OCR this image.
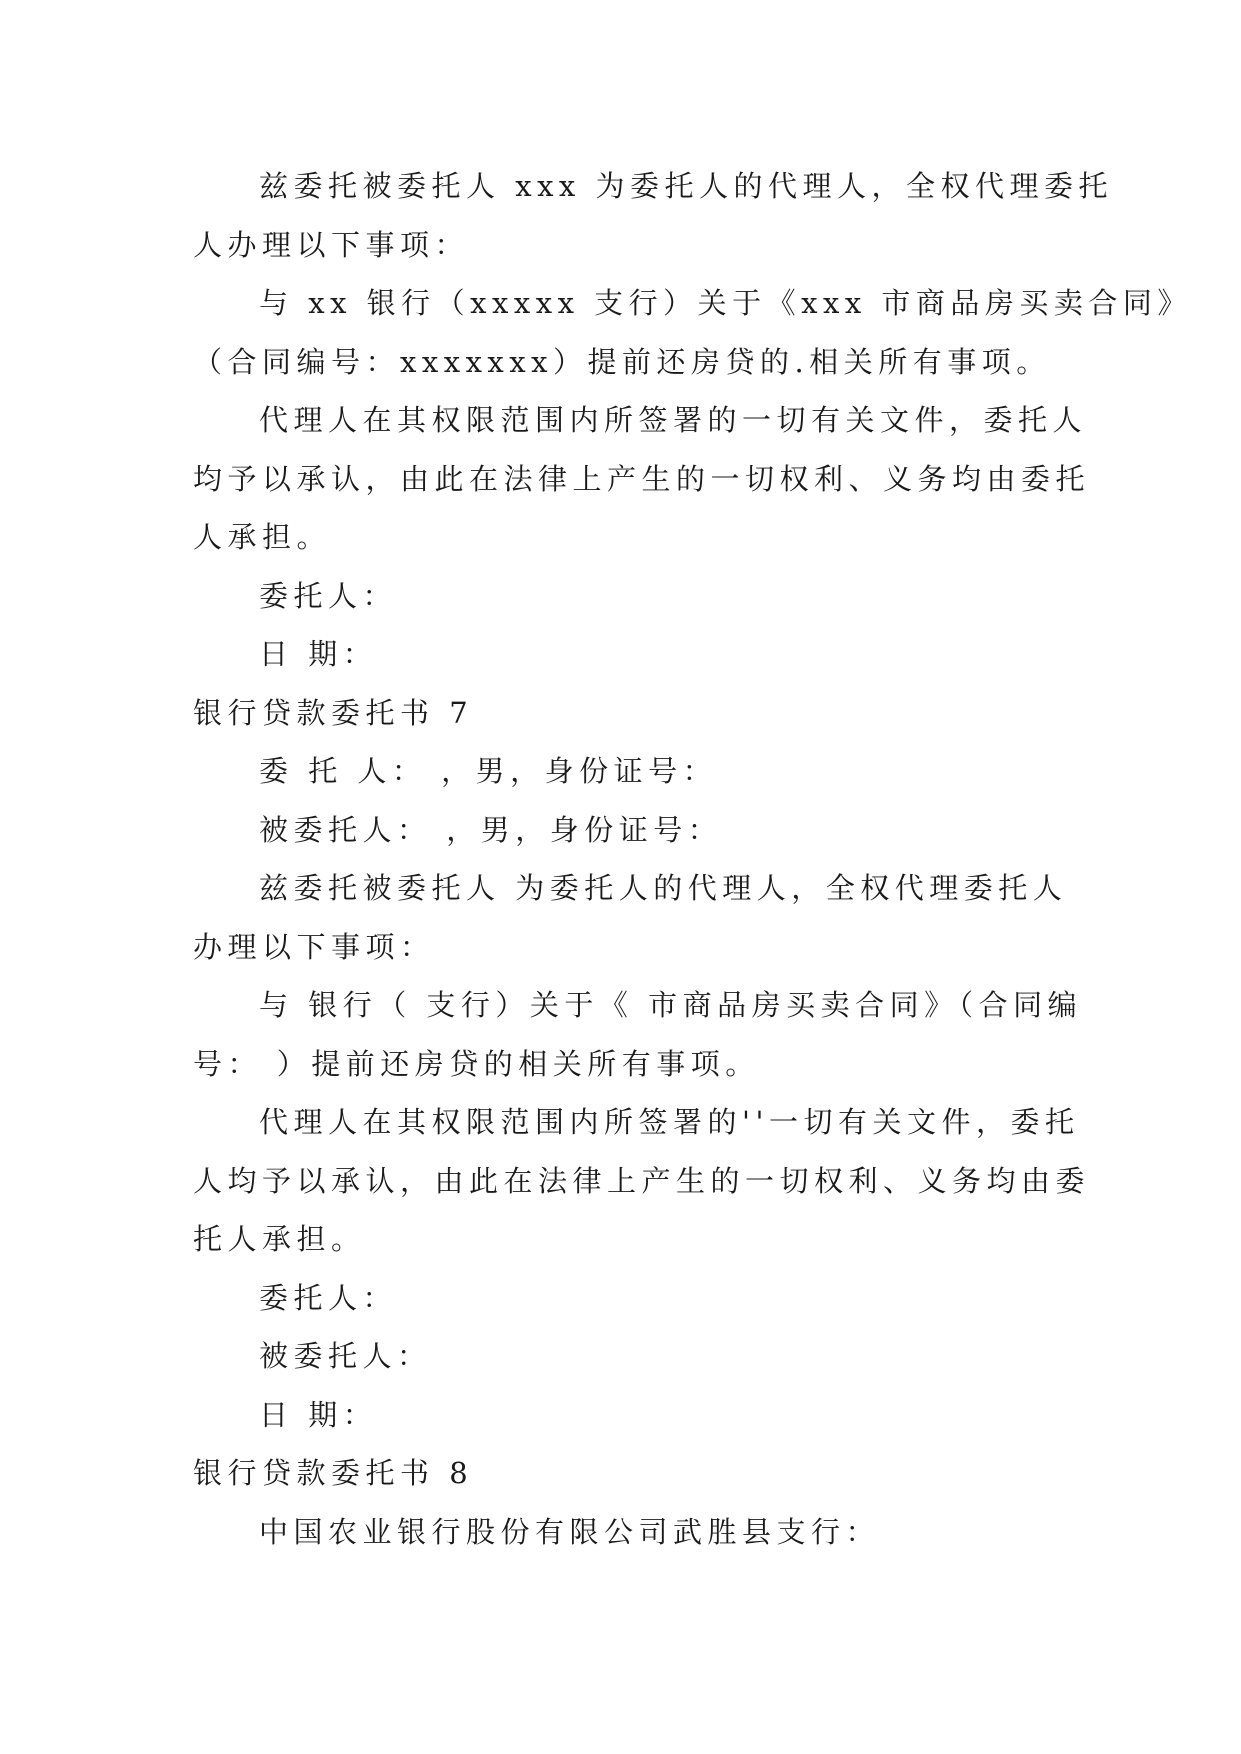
兹委托被委托人 xxx 为委托人的代理人，全权代理委托
人办理以下事项：
与 xx 银行（xxxxx 支行）关于《xxx 市商品房买卖合同》
（合同编号：xxxxxxx）提前还房贷的.相关所有事项。
代理人在其权限范围内所签署的一切有关文件，委托人
均予以承认，由此在法律上产生的一切权利、义务均由委托
人承担。
委托人：
日 期：
银行贷款委托书 7
委 托 人： ，男，身份证号：
被委托人： ，男，身份证号：
兹委托被委托人 为委托人的代理人，全权代理委托人
办理以下事项：
与 银行（ 支行）关于《 市商品房买卖合同》（合同编
号： ）提前还房贷的相关所有事项。
代理人在其权限范围内所签署的''一切有关文件，委托
人均予以承认，由此在法律上产生的一切权利、义务均由委
托人承担。
委托人：
被委托人：
日 期：
银行贷款委托书 8
中国农业银行股份有限公司武胜县支行：
